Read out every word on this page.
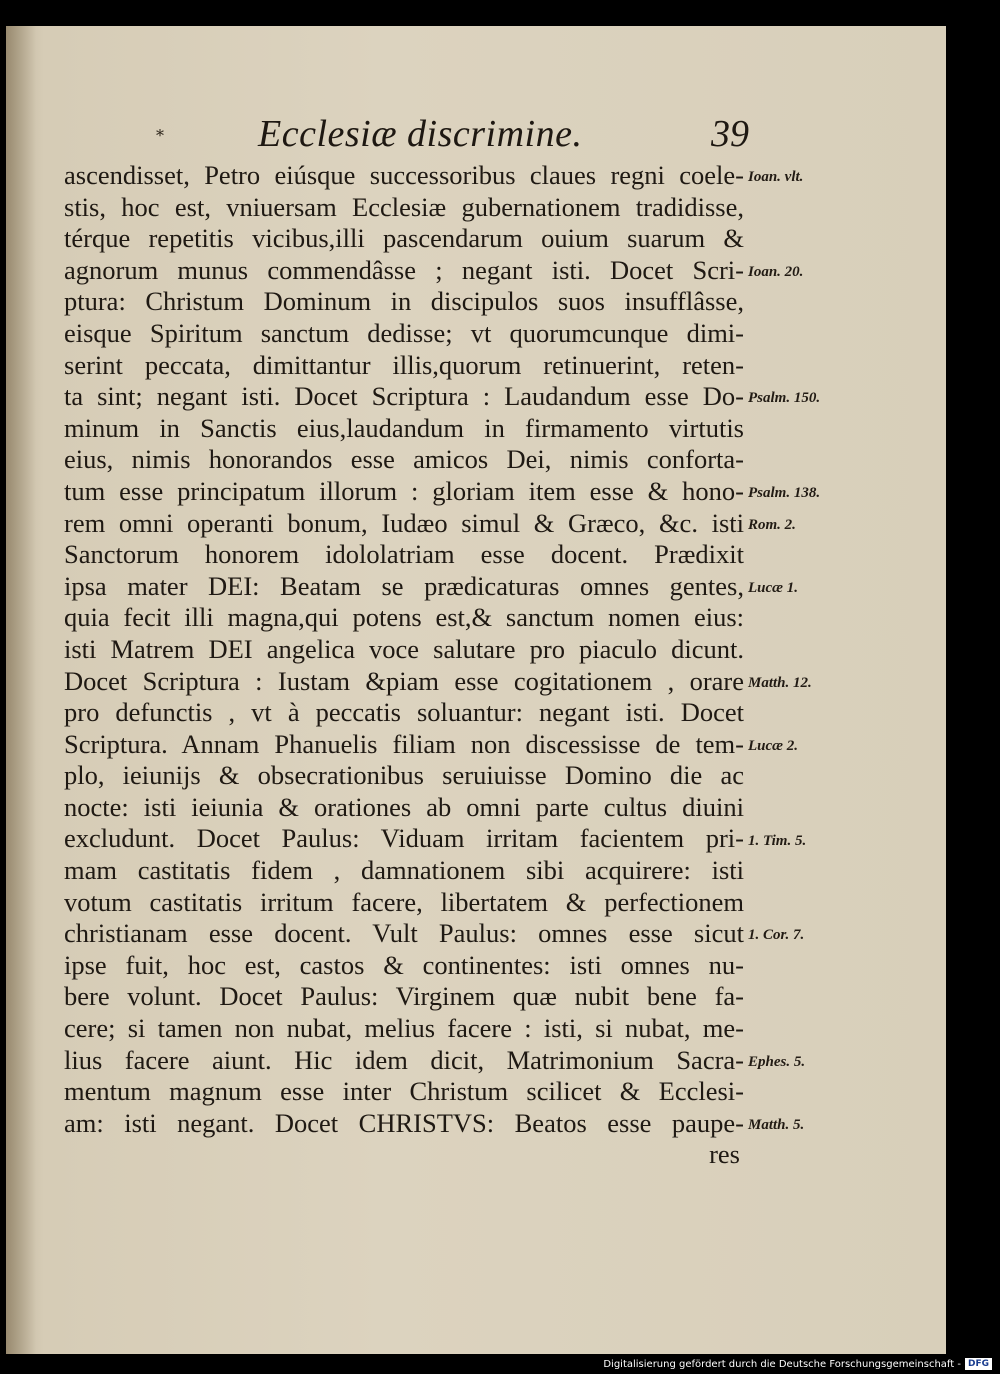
* Ecclesiæ discrimine.	39
ascendisset, Petro eiúsque successoribus claues regni coele-
stis, hoc est, vniuersam Ecclesiæ gubernationem tradidisse,
térque repetitis vicibus,illi pascendarum ouium suarum &
agnorum munus commendâsse ; negant isti. Docet Scri-
ptura: Christum Dominum in discipulos suos insufflâsse,
eisque Spiritum sanctum dedisse; vt quorumcunque dimi-
serint peccata, dimittantur illis,quorum retinuerint, reten-
ta sint; negant isti. Docet Scriptura : Laudandum esse Do-
minum in Sanctis eius,laudandum in firmamento virtutis
eius, nimis honorandos esse amicos Dei, nimis conforta-
tum esse principatum illorum : gloriam item esse & hono-
rem omni operanti bonum, Iudæo simul & Græco, &c. isti
Sanctorum honorem idololatriam esse docent. Prædixit
ipsa mater DEI: Beatam se prædicaturas omnes gentes,
quia fecit illi magna,qui potens est,& sanctum nomen eius:
isti Matrem DEI angelica voce salutare pro piaculo dicunt.
Docet Scriptura : Iustam &piam esse cogitationem , orare
pro defunctis , vt à peccatis soluantur: negant isti. Docet
Scriptura. Annam Phanuelis filiam non discessisse de tem-
plo, ieiunijs & obsecrationibus seruiuisse Domino die ac
nocte: isti ieiunia & orationes ab omni parte cultus diuini
excludunt. Docet Paulus: Viduam irritam facientem pri-
mam castitatis fidem , damnationem sibi acquirere: isti
votum castitatis irritum facere, libertatem & perfectionem
christianam esse docent. Vult Paulus: omnes esse sicut
ipse fuit, hoc est, castos & continentes: isti omnes nu-
bere volunt. Docet Paulus: Virginem quæ nubit bene fa-
cere; si tamen non nubat, melius facere : isti, si nubat, me-
lius facere aiunt. Hic idem dicit, Matrimonium Sacra-
mentum magnum esse inter Christum scilicet & Ecclesi-
am: isti negant. Docet CHRISTVS: Beatos esse paupe-
res
Ioan. vlt.
Ioan. 20.
Psalm. 150.
Psalm. 138.
Rom. 2.
Lucæ 1.
Matth. 12.
Lucæ 2.
1. Tim. 5.
1. Cor. 7.
Ephes. 5.
Matth. 5.
Digitalisierung gefördert durch die Deutsche Forschungsgemeinschaft - DFG
